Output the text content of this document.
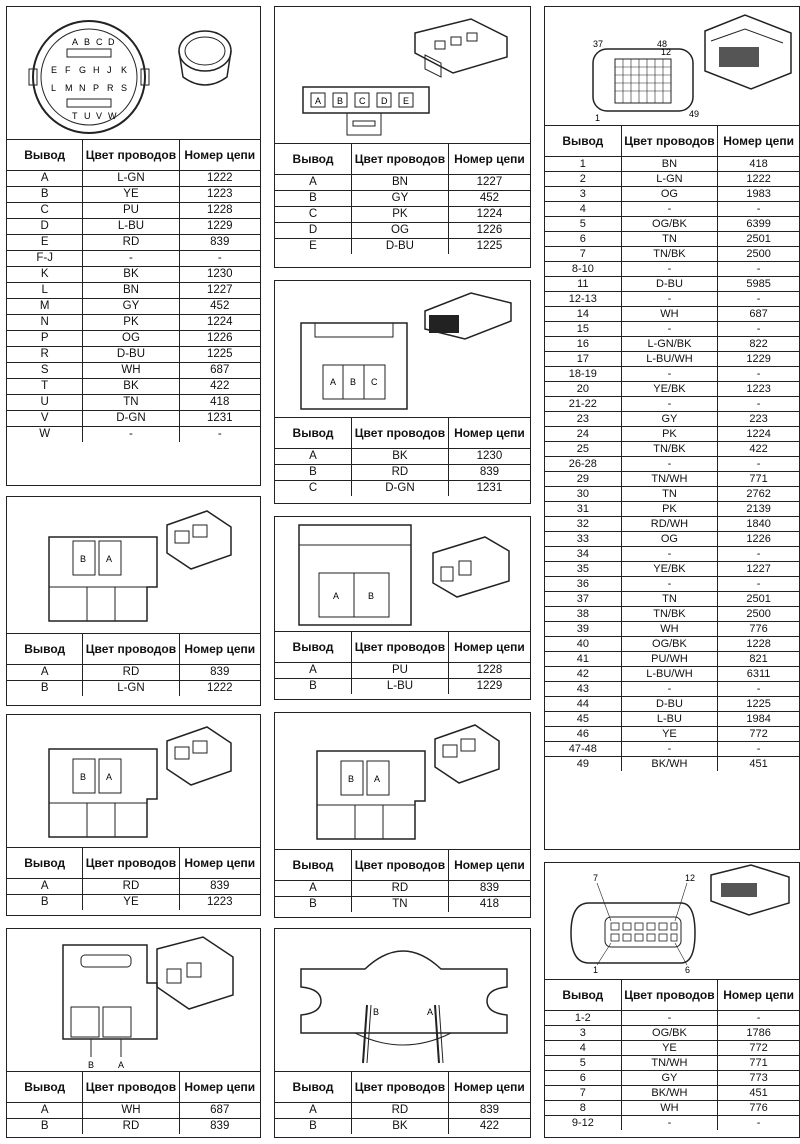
A B C D
E F G H J K
L M N P R S
T U V W
Вывод	Цвет проводов	Номер цепи
A	L-GN	1222
B	YE	1223
C	PU	1228
D	L-BU	1229
E	RD	839
F-J	-	-
K	BK	1230
L	BN	1227
M	GY	452
N	PK	1224
P	OG	1226
R	D-BU	1225
S	WH	687
T	BK	422
U	TN	418
V	D-GN	1231
W	-	-
B A
Вывод	Цвет проводов	Номер цепи
A	RD	839
B	L-GN	1222
B A
Вывод	Цвет проводов	Номер цепи
A	RD	839
B	YE	1223
B	A
Вывод	Цвет проводов	Номер цепи
A	WH	687
B	RD	839
A B C D E
Вывод	Цвет проводов	Номер цепи
A	BN	1227
B	GY	452
C	PK	1224
D	OG	1226
E	D-BU	1225
A B C
Вывод	Цвет проводов	Номер цепи
A	BK	1230
B	RD	839
C	D-GN	1231
A	B
Вывод	Цвет проводов	Номер цепи
A	PU	1228
B	L-BU	1229
B A
Вывод	Цвет проводов	Номер цепи
A	RD	839
B	TN	418
B	A
Вывод	Цвет проводов	Номер цепи
A	RD	839
B	BK	422
37	48
12
1	49
Вывод	Цвет проводов	Номер цепи
1	BN	418
2	L-GN	1222
3	OG	1983
4	-	-
5	OG/BK	6399
6	TN	2501
7	TN/BK	2500
8-10	-	-
11	D-BU	5985
12-13	-	-
14	WH	687
15	-	-
16	L-GN/BK	822
17	L-BU/WH	1229
18-19	-	-
20	YE/BK	1223
21-22	-	-
23	GY	223
24	PK	1224
25	TN/BK	422
26-28	-	-
29	TN/WH	771
30	TN	2762
31	PK	2139
32	RD/WH	1840
33	OG	1226
34	-	-
35	YE/BK	1227
36	-	-
37	TN	2501
38	TN/BK	2500
39	WH	776
40	OG/BK	1228
41	PU/WH	821
42	L-BU/WH	6311
43	-	-
44	D-BU	1225
45	L-BU	1984
46	YE	772
47-48	-	-
49	BK/WH	451
7	12
1	6
Вывод	Цвет проводов	Номер цепи
1-2	-	-
3	OG/BK	1786
4	YE	772
5	TN/WH	771
6	GY	773
7	BK/WH	451
8	WH	776
9-12	-	-
